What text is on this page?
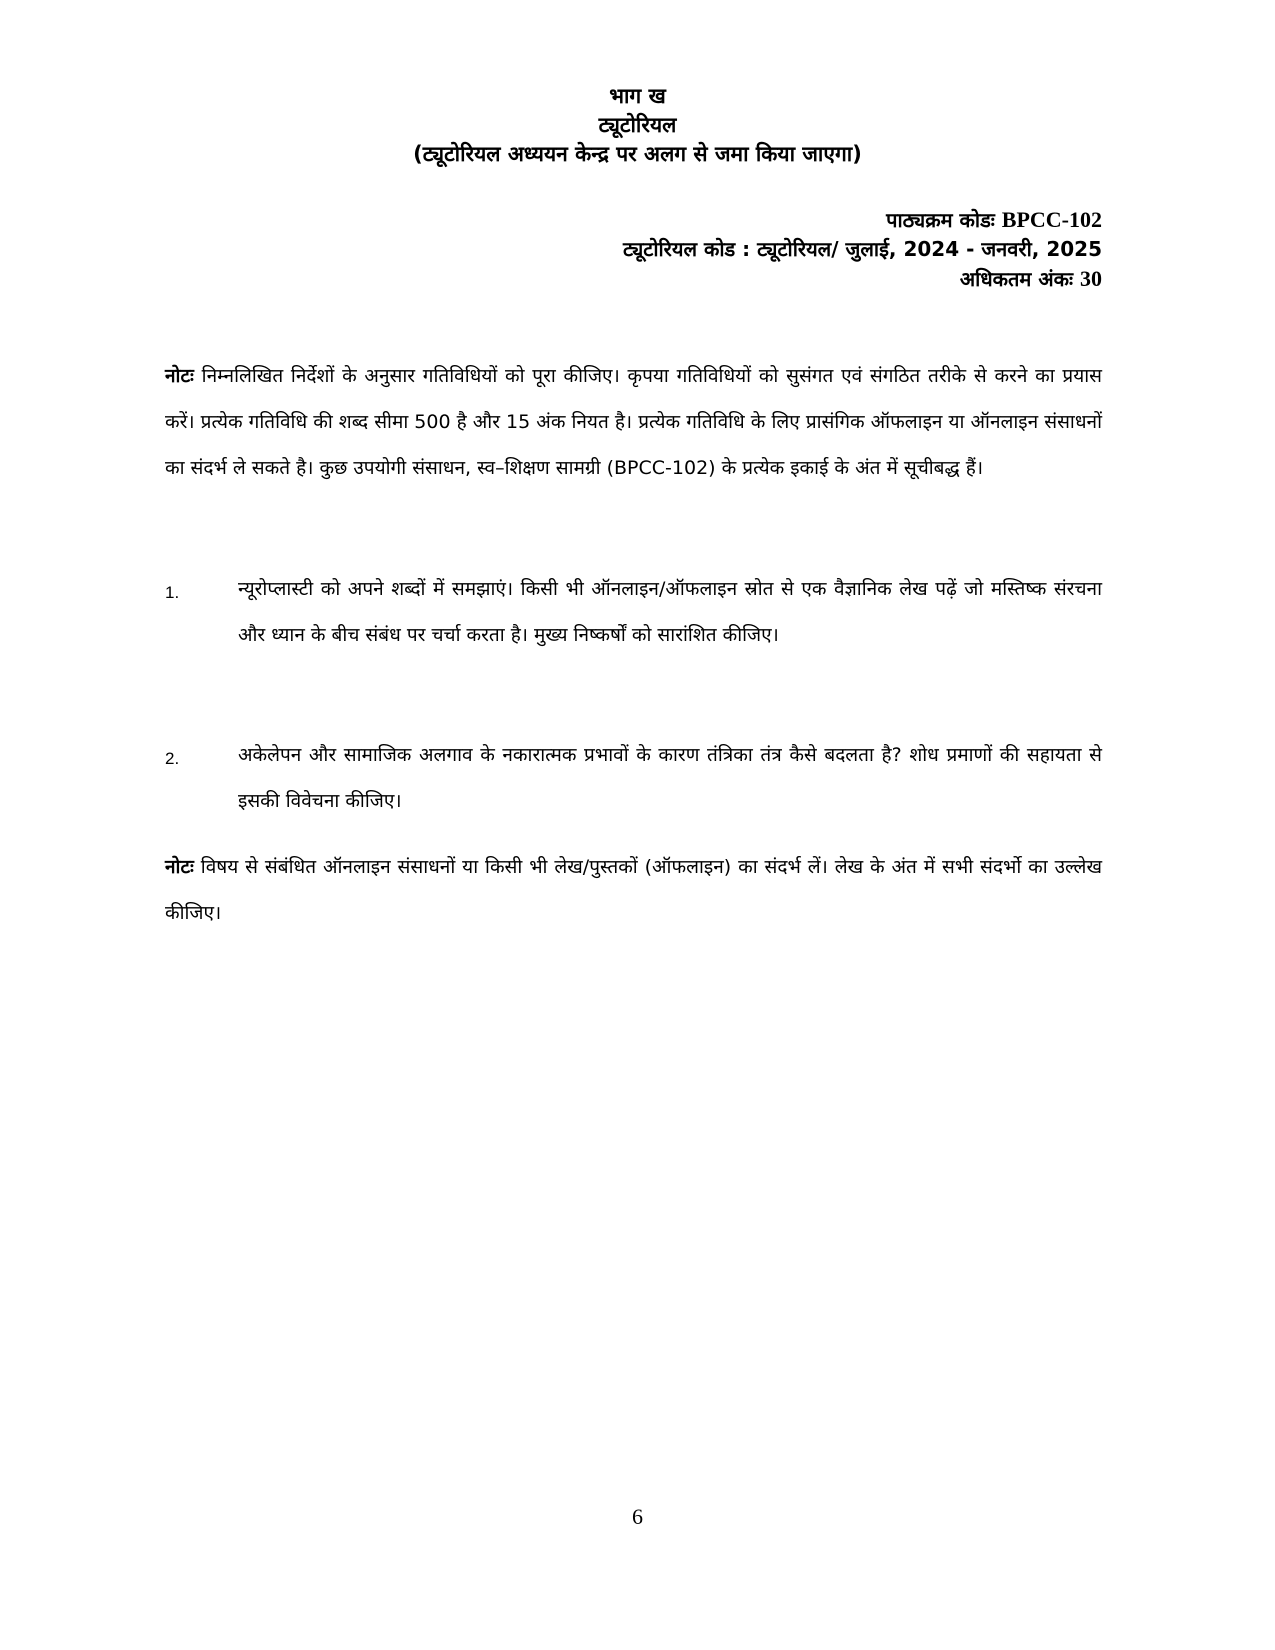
भाग ख
ट्यूटोरियल
(ट्यूटोरियल अध्ययन केन्द्र पर अलग से जमा किया जाएगा)
पाठ्यक्रम कोडः BPCC-102
ट्यूटोरियल कोड : ट्यूटोरियल/ जुलाई, 2024 - जनवरी, 2025
अधिकतम अंकः 30
नोटः निम्नलिखित निर्देशों के अनुसार गतिविधियों को पूरा कीजिए। कृपया गतिविधियों को सुसंगत एवं संगठित तरीके से करने का प्रयास करें। प्रत्येक गतिविधि की शब्द सीमा 500 है और 15 अंक नियत है। प्रत्येक गतिविधि के लिए प्रासंगिक ऑफलाइन या ऑनलाइन संसाधनों का संदर्भ ले सकते है। कुछ उपयोगी संसाधन, स्व–शिक्षण सामग्री (BPCC-102) के प्रत्येक इकाई के अंत में सूचीबद्ध हैं।
1.	न्यूरोप्लास्टी को अपने शब्दों में समझाएं। किसी भी ऑनलाइन/ऑफलाइन स्रोत से एक वैज्ञानिक लेख पढ़ें जो मस्तिष्क संरचना और ध्यान के बीच संबंध पर चर्चा करता है। मुख्य निष्कर्षों को सारांशित कीजिए।
2.	अकेलेपन और सामाजिक अलगाव के नकारात्मक प्रभावों के कारण तंत्रिका तंत्र कैसे बदलता है? शोध प्रमाणों की सहायता से इसकी विवेचना कीजिए।
नोटः विषय से संबंधित ऑनलाइन संसाधनों या किसी भी लेख/पुस्तकों (ऑफलाइन) का संदर्भ लें। लेख के अंत में सभी संदर्भो का उल्लेख कीजिए।
6
